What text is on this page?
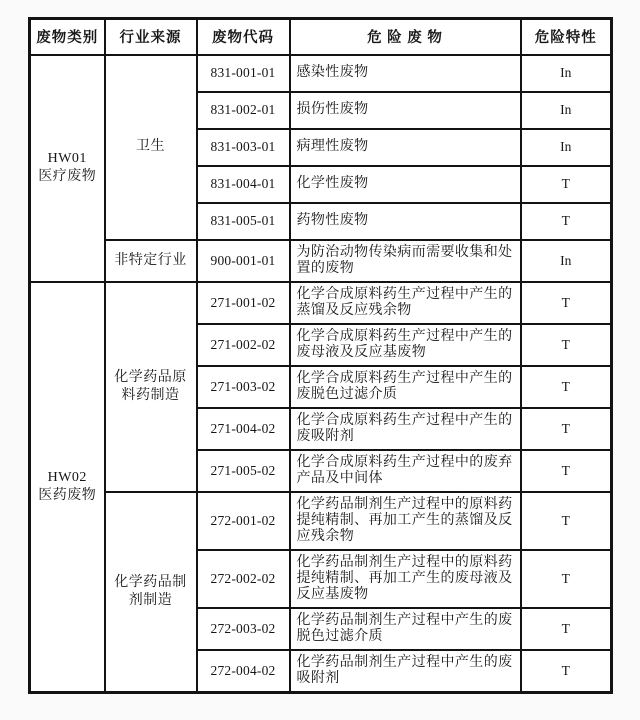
废物类别	行业来源	废物代码	危 险 废 物	危险特性

HW01
医疗废物	卫生	831-001-01	感染性废物	In
		831-002-01	损伤性废物	In
		831-003-01	病理性废物	In
		831-004-01	化学性废物	T
		831-005-01	药物性废物	T
	非特定行业	900-001-01	为防治动物传染病而需要收集和处置的废物	In

HW02
医药废物	化学药品原料药制造	271-001-02	化学合成原料药生产过程中产生的蒸馏及反应残余物	T
		271-002-02	化学合成原料药生产过程中产生的废母液及反应基废物	T
		271-003-02	化学合成原料药生产过程中产生的废脱色过滤介质	T
		271-004-02	化学合成原料药生产过程中产生的废吸附剂	T
		271-005-02	化学合成原料药生产过程中的废弃产品及中间体	T
	化学药品制剂制造	272-001-02	化学药品制剂生产过程中的原料药提纯精制、再加工产生的蒸馏及反应残余物	T
		272-002-02	化学药品制剂生产过程中的原料药提纯精制、再加工产生的废母液及反应基废物	T
		272-003-02	化学药品制剂生产过程中产生的废脱色过滤介质	T
		272-004-02	化学药品制剂生产过程中产生的废吸附剂	T
